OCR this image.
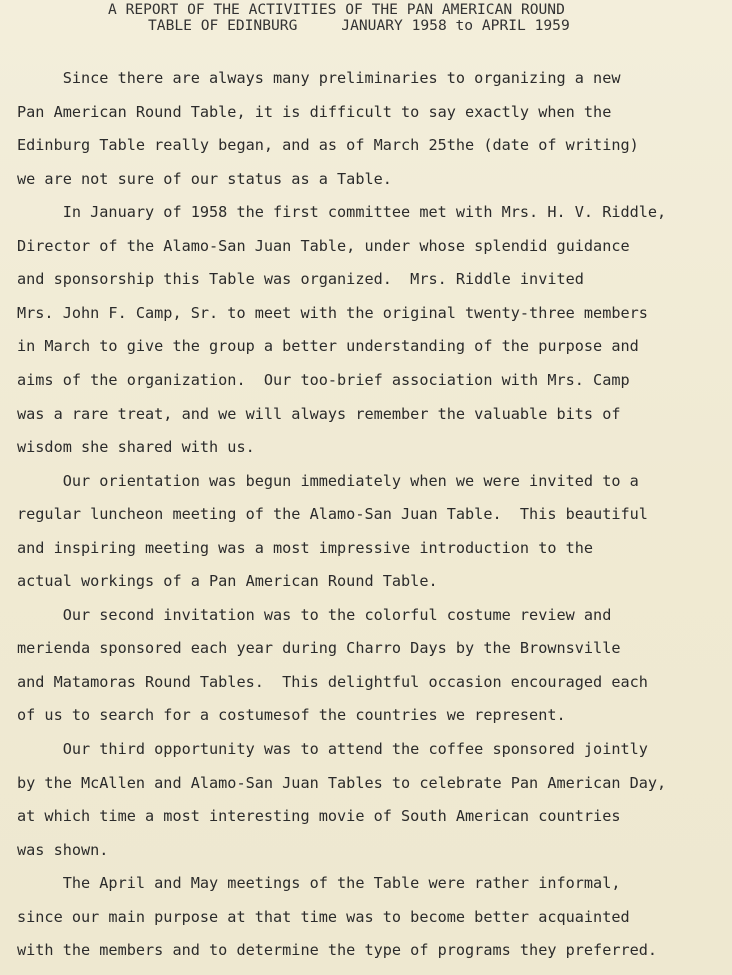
A REPORT OF THE ACTIVITIES OF THE PAN AMERICAN ROUND
TABLE OF EDINBURG     JANUARY 1958 to APRIL 1959
Since there are always many preliminaries to organizing a new
Pan American Round Table, it is difficult to say exactly when the
Edinburg Table really began, and as of March 25the (date of writing)
we are not sure of our status as a Table.
In January of 1958 the first committee met with Mrs. H. V. Riddle,
Director of the Alamo-San Juan Table, under whose splendid guidance
and sponsorship this Table was organized.  Mrs. Riddle invited
Mrs. John F. Camp, Sr. to meet with the original twenty-three members
in March to give the group a better understanding of the purpose and
aims of the organization.  Our too-brief association with Mrs. Camp
was a rare treat, and we will always remember the valuable bits of
wisdom she shared with us.
Our orientation was begun immediately when we were invited to a
regular luncheon meeting of the Alamo-San Juan Table.  This beautiful
and inspiring meeting was a most impressive introduction to the
actual workings of a Pan American Round Table.
Our second invitation was to the colorful costume review and
merienda sponsored each year during Charro Days by the Brownsville
and Matamoras Round Tables.  This delightful occasion encouraged each
of us to search for a costumesof the countries we represent.
Our third opportunity was to attend the coffee sponsored jointly
by the McAllen and Alamo-San Juan Tables to celebrate Pan American Day,
at which time a most interesting movie of South American countries
was shown.
The April and May meetings of the Table were rather informal,
since our main purpose at that time was to become better acquainted
with the members and to determine the type of programs they preferred.
